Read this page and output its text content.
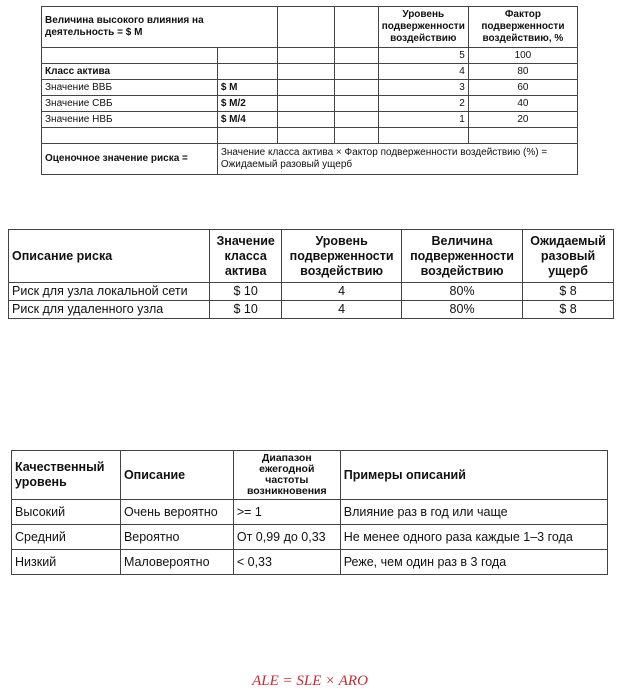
Величина высокого влияния на деятельность = $ M				Уровень подверженности воздействию	Фактор подверженности воздействию, %
				5	100
Класс актива				4	80
Значение ВВБ	$ M			3	60
Значение СВБ	$ M/2			2	40
Значение НВБ	$ M/4			1	20

Оценочное значение риска =	Значение класса актива × Фактор подверженности воздействию (%) = Ожидаемый разовый ущерб				
Описание риска	Значение класса актива	Уровень подверженности воздействию	Величина подверженности воздействию	Ожидаемый разовый ущерб
Риск для узла локальной сети	$ 10	4	80%	$ 8
Риск для удаленного узла	$ 10	4	80%	$ 8
Качественный уровень	Описание	Диапазон ежегодной частоты возникновения	Примеры описаний
Высокий	Очень вероятно	>= 1	Влияние раз в год или чаще
Средний	Вероятно	От 0,99 до 0,33	Не менее одного раза каждые 1–3 года
Низкий	Маловероятно	< 0,33	Реже, чем один раз в 3 года
ALE = SLE × ARO
